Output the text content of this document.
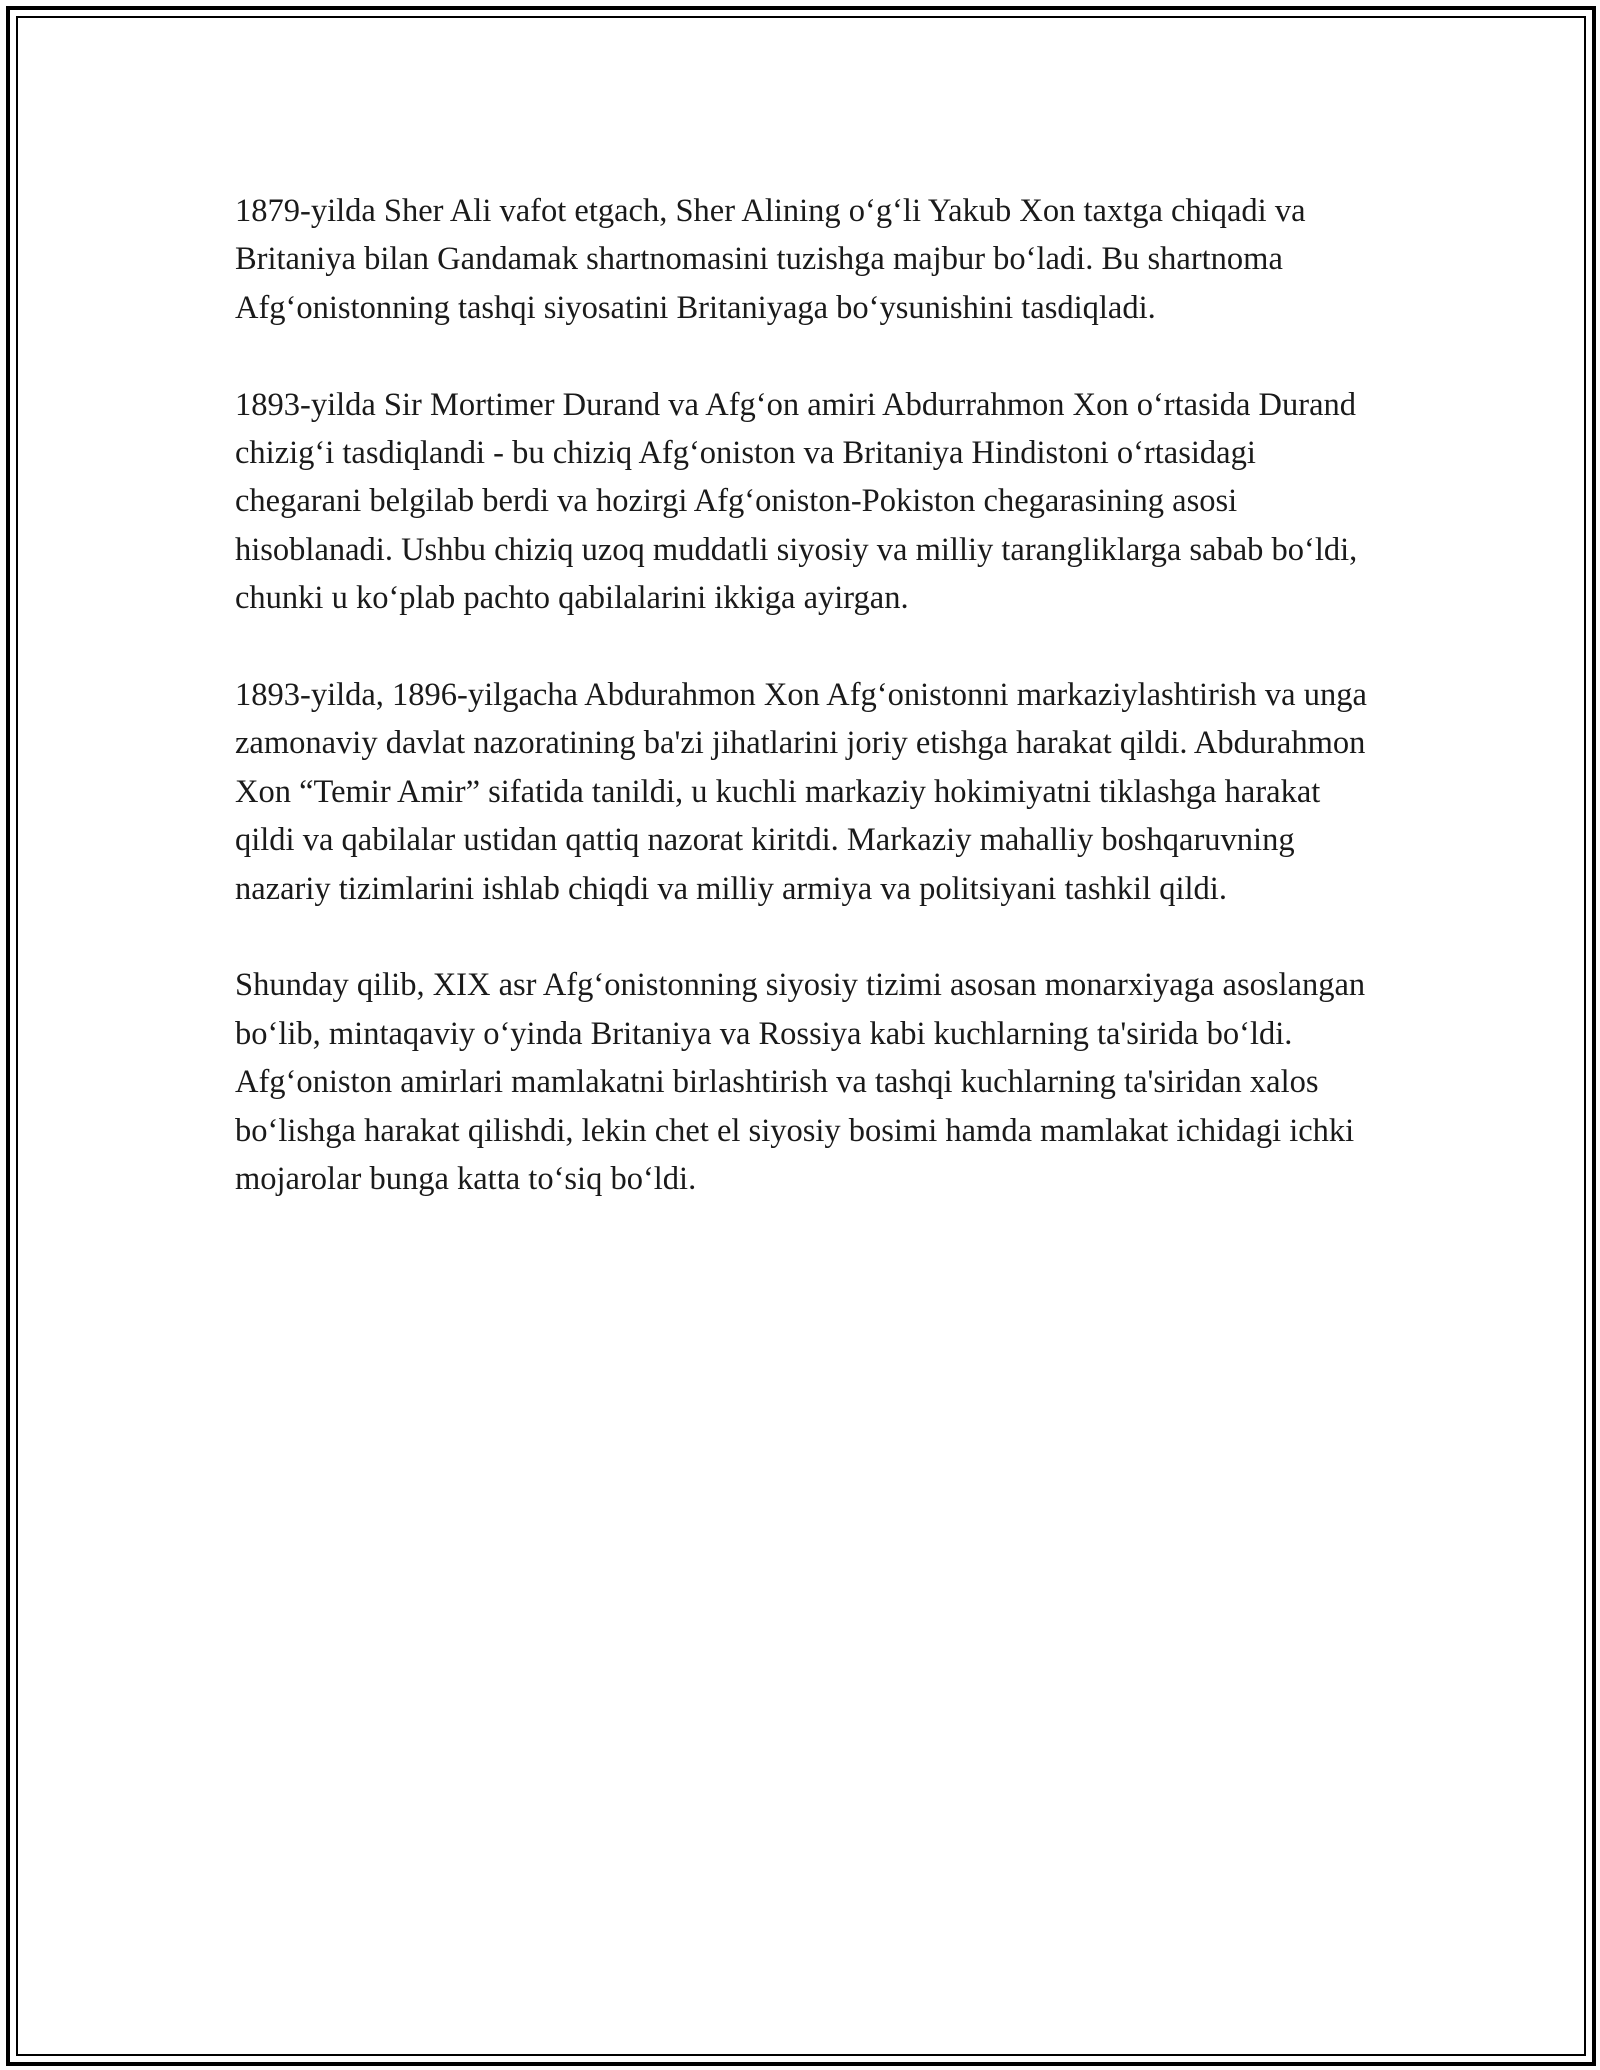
1879-yilda Sher Ali vafot etgach, Sher Alining o‘g‘li Yakub Xon taxtga chiqadi va Britaniya bilan Gandamak shartnomasini tuzishga majbur bo‘ladi. Bu shartnoma Afg‘onistonning tashqi siyosatini Britaniyaga bo‘ysunishini tasdiqladi.

1893-yilda Sir Mortimer Durand va Afg‘on amiri Abdurrahmon Xon o‘rtasida Durand chizig‘i tasdiqlandi - bu chiziq Afg‘oniston va Britaniya Hindistoni o‘rtasidagi chegarani belgilab berdi va hozirgi Afg‘oniston-Pokiston chegarasining asosi hisoblanadi. Ushbu chiziq uzoq muddatli siyosiy va milliy tarangliklarga sabab bo‘ldi, chunki u ko‘plab pachto qabilalarini ikkiga ayirgan.

1893-yilda, 1896-yilgacha Abdurahmon Xon Afg‘onistonni markaziylashtirish va unga zamonaviy davlat nazoratining ba'zi jihatlarini joriy etishga harakat qildi. Abdurahmon Xon “Temir Amir” sifatida tanildi, u kuchli markaziy hokimiyatni tiklashga harakat qildi va qabilalar ustidan qattiq nazorat kiritdi. Markaziy mahalliy boshqaruvning nazariy tizimlarini ishlab chiqdi va milliy armiya va politsiyani tashkil qildi.

Shunday qilib, XIX asr Afg‘onistonning siyosiy tizimi asosan monarxiyaga asoslangan bo‘lib, mintaqaviy o‘yinda Britaniya va Rossiya kabi kuchlarning ta'sirida bo‘ldi. Afg‘oniston amirlari mamlakatni birlashtirish va tashqi kuchlarning ta'siridan xalos bo‘lishga harakat qilishdi, lekin chet el siyosiy bosimi hamda mamlakat ichidagi ichki mojarolar bunga katta to‘siq bo‘ldi.
